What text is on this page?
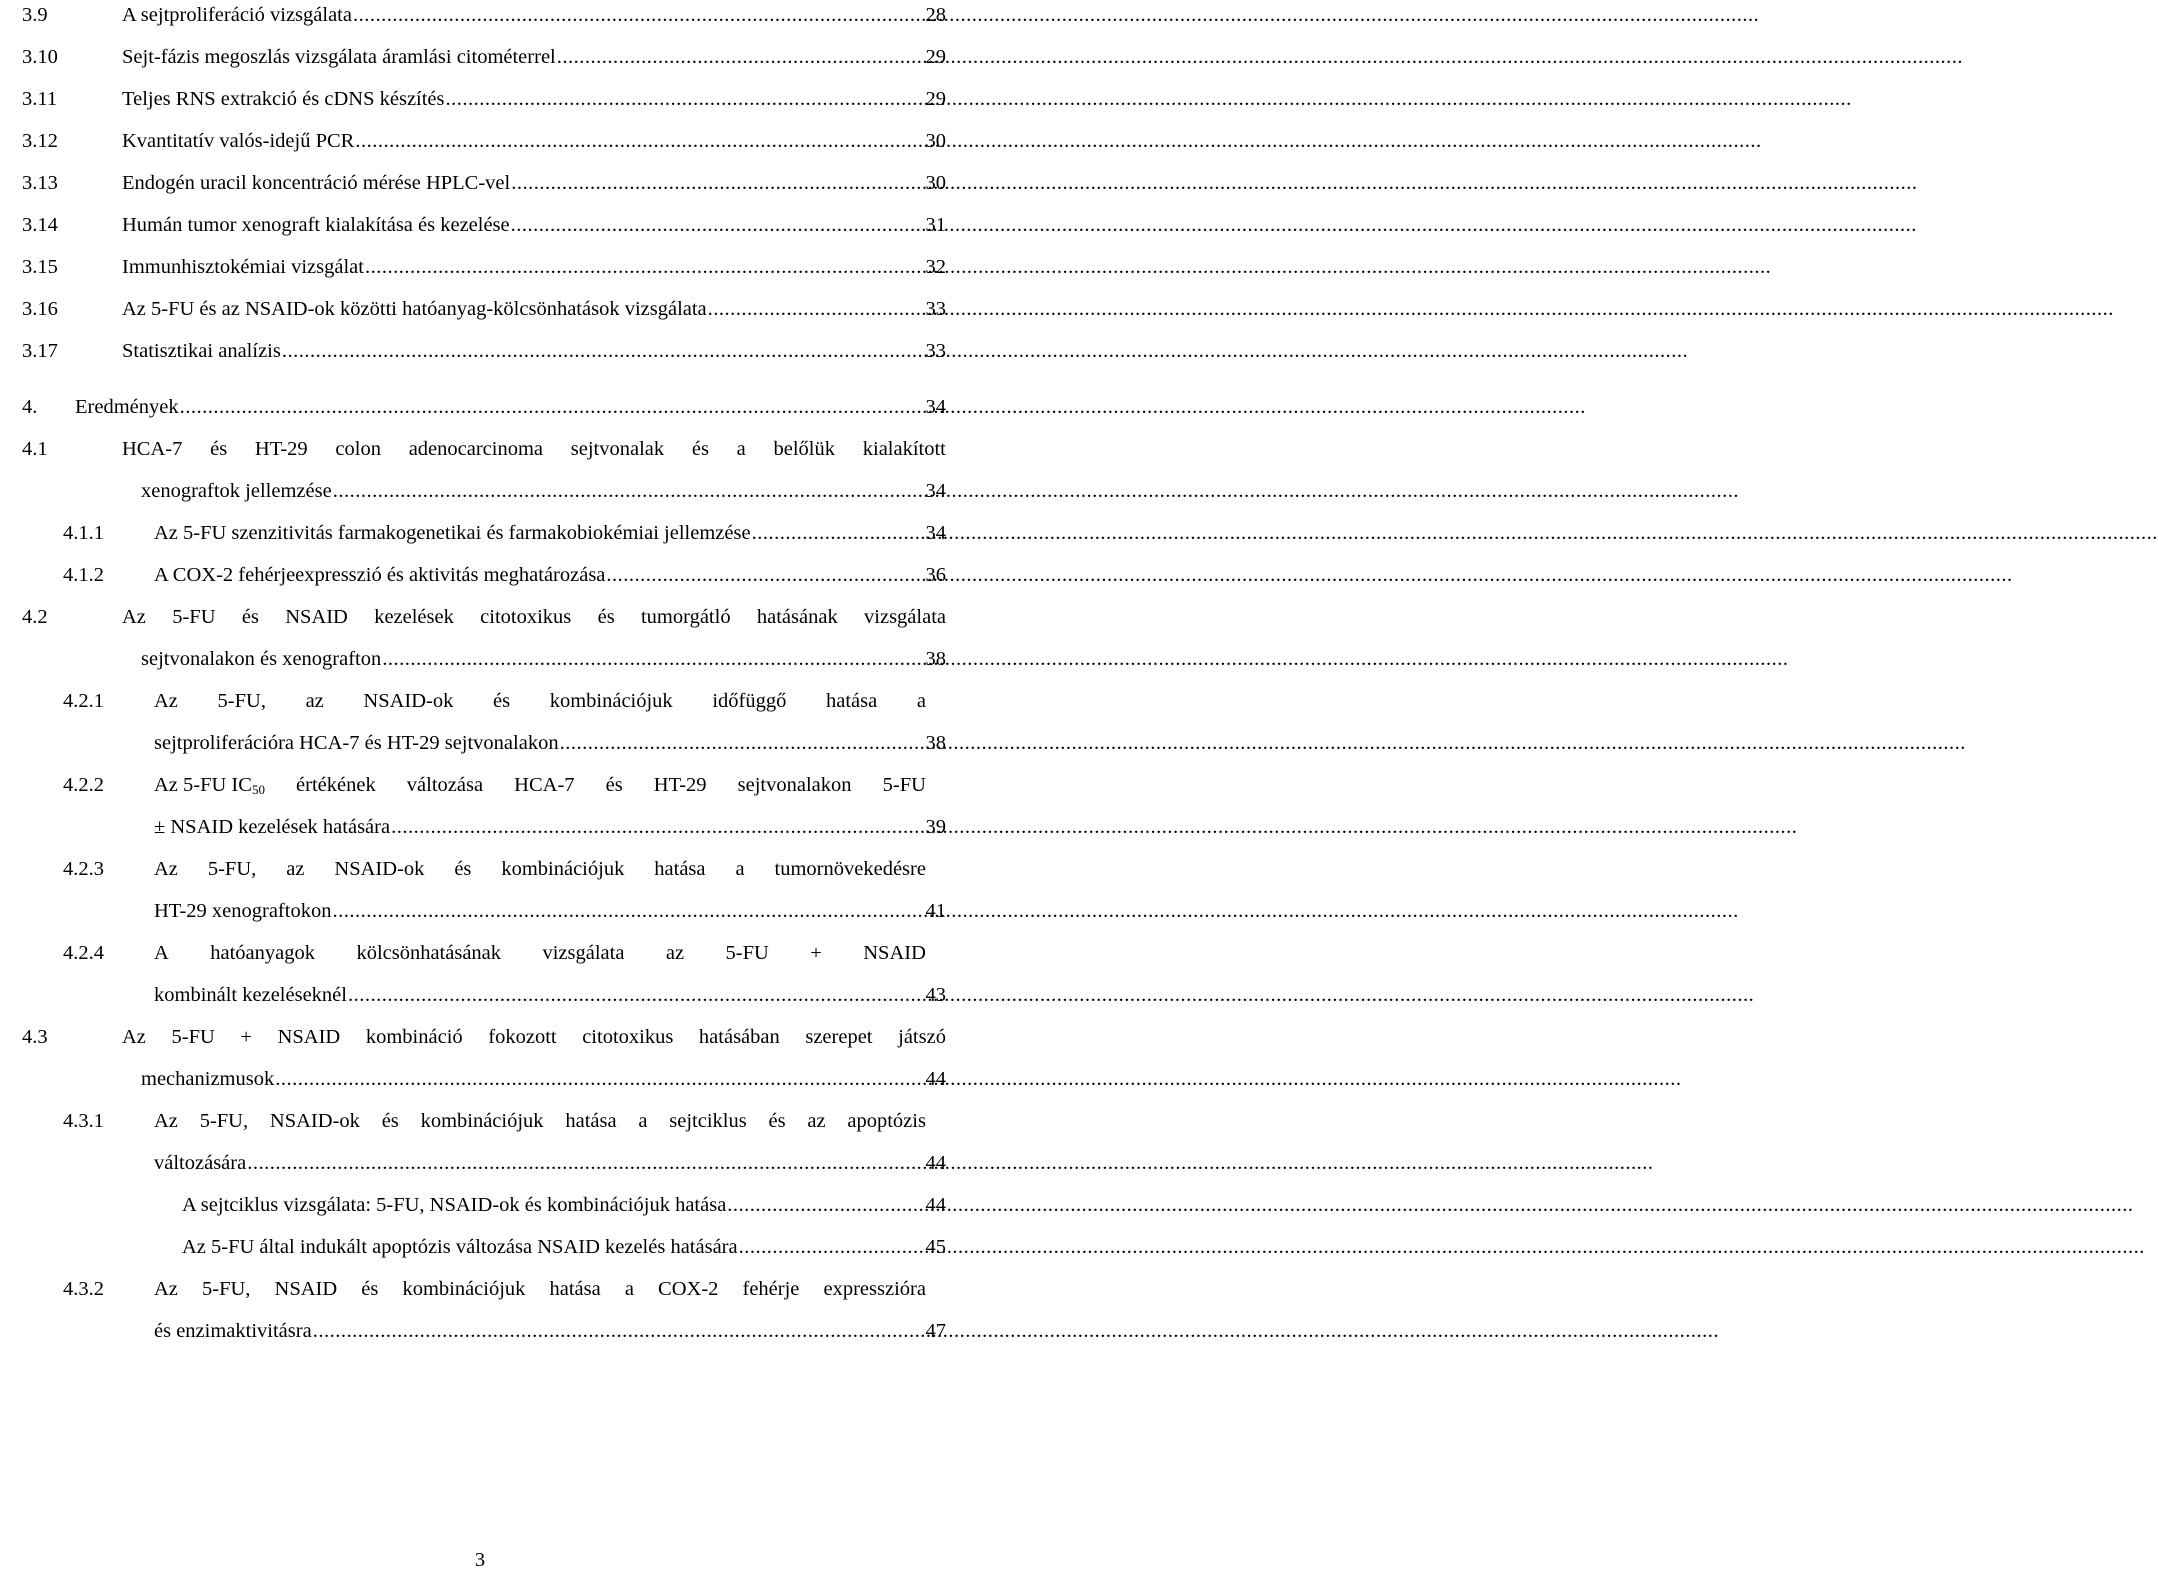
3.9	A sejtproliferáció vizsgálata .....	28
3.10	Sejt-fázis megoszlás vizsgálata áramlási citométerrel .....	29
3.11	Teljes RNS extrakció és cDNS készítés .....	29
3.12	Kvantitatív valós-idejű PCR .....	30
3.13	Endogén uracil koncentráció mérése HPLC-vel .....	30
3.14	Humán tumor xenograft kialakítása és kezelése .....	31
3.15	Immunhisztokémiai vizsgálat .....	32
3.16	Az 5-FU és az NSAID-ok közötti hatóanyag-kölcsönhatások vizsgálata .....	33
3.17	Statisztikai analízis .....	33
4. Eredmények .....	34
4.1	HCA-7 és HT-29 colon adenocarcinoma sejtvonalak és a belőlük kialakított
xenograftok jellemzése .....	34
4.1.1 Az 5-FU szenzitivitás farmakogenetikai és farmakobiokémiai jellemzése .....	34
4.1.2 A COX-2 fehérjeexpresszió és aktivitás meghatározása .....	36
4.2	Az 5-FU és NSAID kezelések citotoxikus és tumorgátló hatásának vizsgálata
sejtvonalakon és xenografton .....	38
4.2.1 Az 5-FU, az NSAID-ok és kombinációjuk időfüggő hatása a
sejtproliferációra HCA-7 és HT-29 sejtvonalakon .....	38
4.2.2 Az 5-FU $IC_{50}$ értékének változása HCA-7 és HT-29 sejtvonalakon 5-FU
± NSAID kezelések hatására .....	39
4.2.3 Az 5-FU, az NSAID-ok és kombinációjuk hatása a tumornövekedésre
HT-29 xenograftokon .....	41
4.2.4 A hatóanyagok kölcsönhatásának vizsgálata az 5-FU + NSAID
kombinált kezeléseknél .....	43
4.3	Az 5-FU + NSAID kombináció fokozott citotoxikus hatásában szerepet játszó
mechanizmusok .....	44
4.3.1 Az 5-FU, NSAID-ok és kombinációjuk hatása a sejtciklus és az apoptózis
változására .....	44
A sejtciklus vizsgálata: 5-FU, NSAID-ok és kombinációjuk hatása .....	44
Az 5-FU által indukált apoptózis változása NSAID kezelés hatására .....	45
4.3.2 Az 5-FU, NSAID és kombinációjuk hatása a COX-2 fehérje expresszióra
és enzimaktivitásra .....	47
3
